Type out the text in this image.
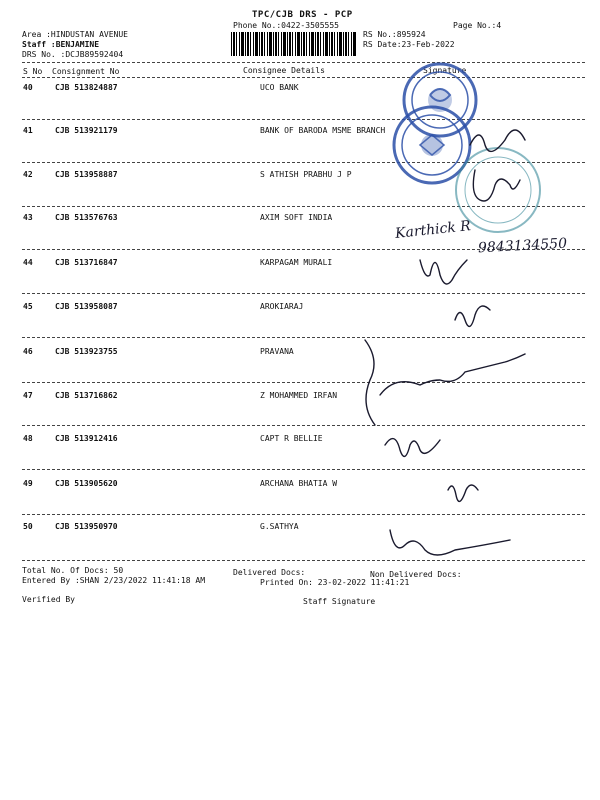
TPC/CJB DRS - PCP
Phone No.:0422-3505555	Page No.:4
Area :HINDUSTAN AVENUE
Staff :BENJAMINE
DRS No. :DCJB89592404
RS No.:895924
RS Date:23-Feb-2022
S No Consignment No	Consignee Details	Signature
40	CJB 513824887	UCO BANK
41	CJB 513921179	BANK OF BARODA MSME BRANCH
42	CJB 513958887	S ATHISH PRABHU J P
43	CJB 513576763	AXIM SOFT INDIA
44	CJB 513716847	KARPAGAM MURALI
45	CJB 513958087	AROKIARAJ
46	CJB 513923755	PRAVANA
47	CJB 513716862	Z MOHAMMED IRFAN
48	CJB 513912416	CAPT R BELLIE
49	CJB 513905620	ARCHANA BHATIA W
50	CJB 513950970	G.SATHYA
Total No. Of Docs: 50	Delivered Docs:	Non Delivered Docs:
Entered By :SHAN 2/23/2022 11:41:18 AM	Printed On: 23-02-2022 11:41:21
Verified By	Staff Signature
Karthick R
9843134550
